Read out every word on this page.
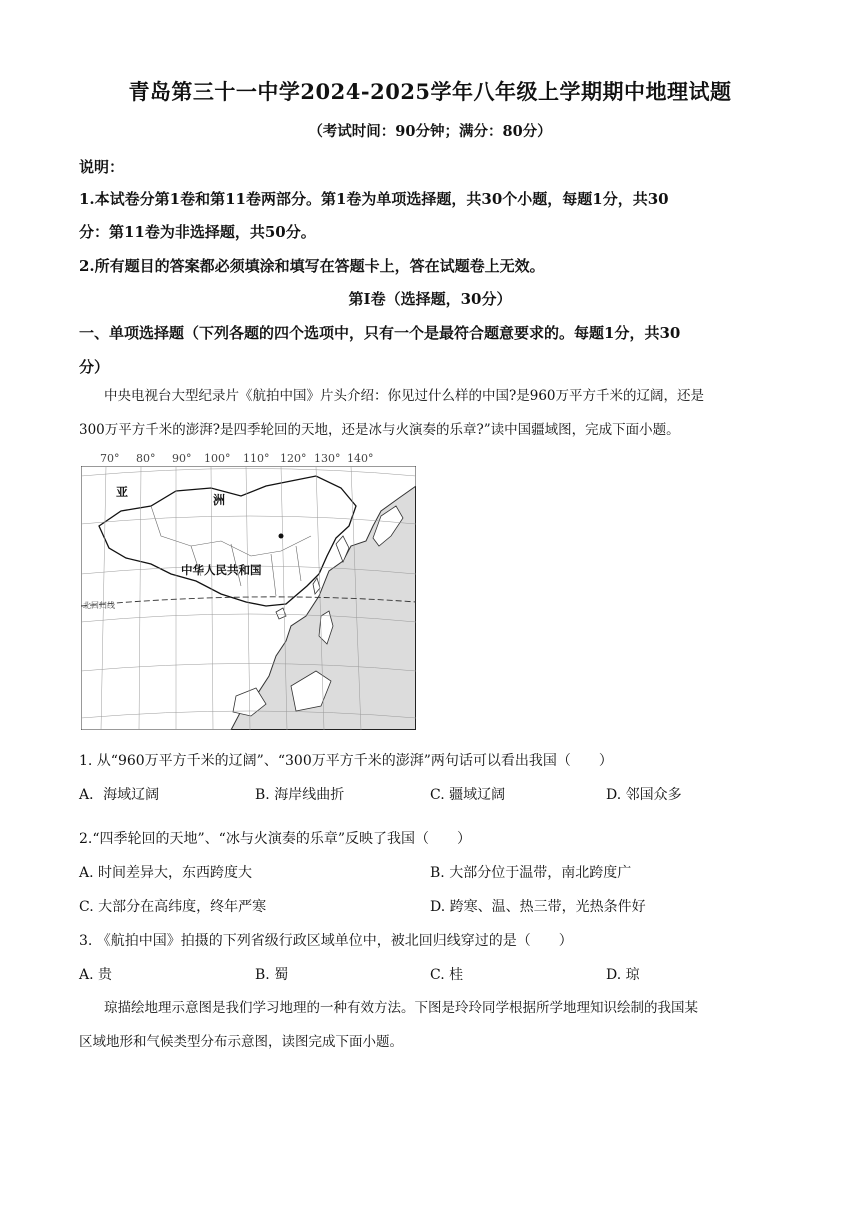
青岛第三十一中学2024-2025学年八年级上学期期中地理试题
（考试时间：90分钟；满分：80分）
说明：
1.本试卷分第1卷和第11卷两部分。第1卷为单项选择题，共30个小题，每题1分，共30
分：第11卷为非选择题，共50分。
2.所有题目的答案都必须填涂和填写在答题卡上，答在试题卷上无效。
第I卷（选择题，30分）
一、单项选择题（下列各题的四个选项中，只有一个是最符合题意要求的。每题1分，共30
分）
中央电视台大型纪录片《航拍中国》片头介绍：你见过什么样的中国?是960万平方千米的辽阔，还是
300万平方千米的澎湃?是四季轮回的天地，还是冰与火演奏的乐章?”读中国疆域图，完成下面小题。
70° 80° 90° 100° 110° 120° 130° 140°
亚
洲
中华人民共和国
北回归线
1. 从“960万平方千米的辽阔”、“300万平方千米的澎湃”两句话可以看出我国（　　）
A．海域辽阔	B. 海岸线曲折	C. 疆域辽阔	D. 邻国众多
2.“四季轮回的天地”、“冰与火演奏的乐章”反映了我国（　　）
A. 时间差异大，东西跨度大	B. 大部分位于温带，南北跨度广
C. 大部分在高纬度，终年严寒	D. 跨寒、温、热三带，光热条件好
3. 《航拍中国》拍摄的下列省级行政区域单位中，被北回归线穿过的是（　　）
A. 贵	B. 蜀	C. 桂	D. 琼
琼描绘地理示意图是我们学习地理的一种有效方法。下图是玲玲同学根据所学地理知识绘制的我国某
区域地形和气候类型分布示意图，读图完成下面小题。
